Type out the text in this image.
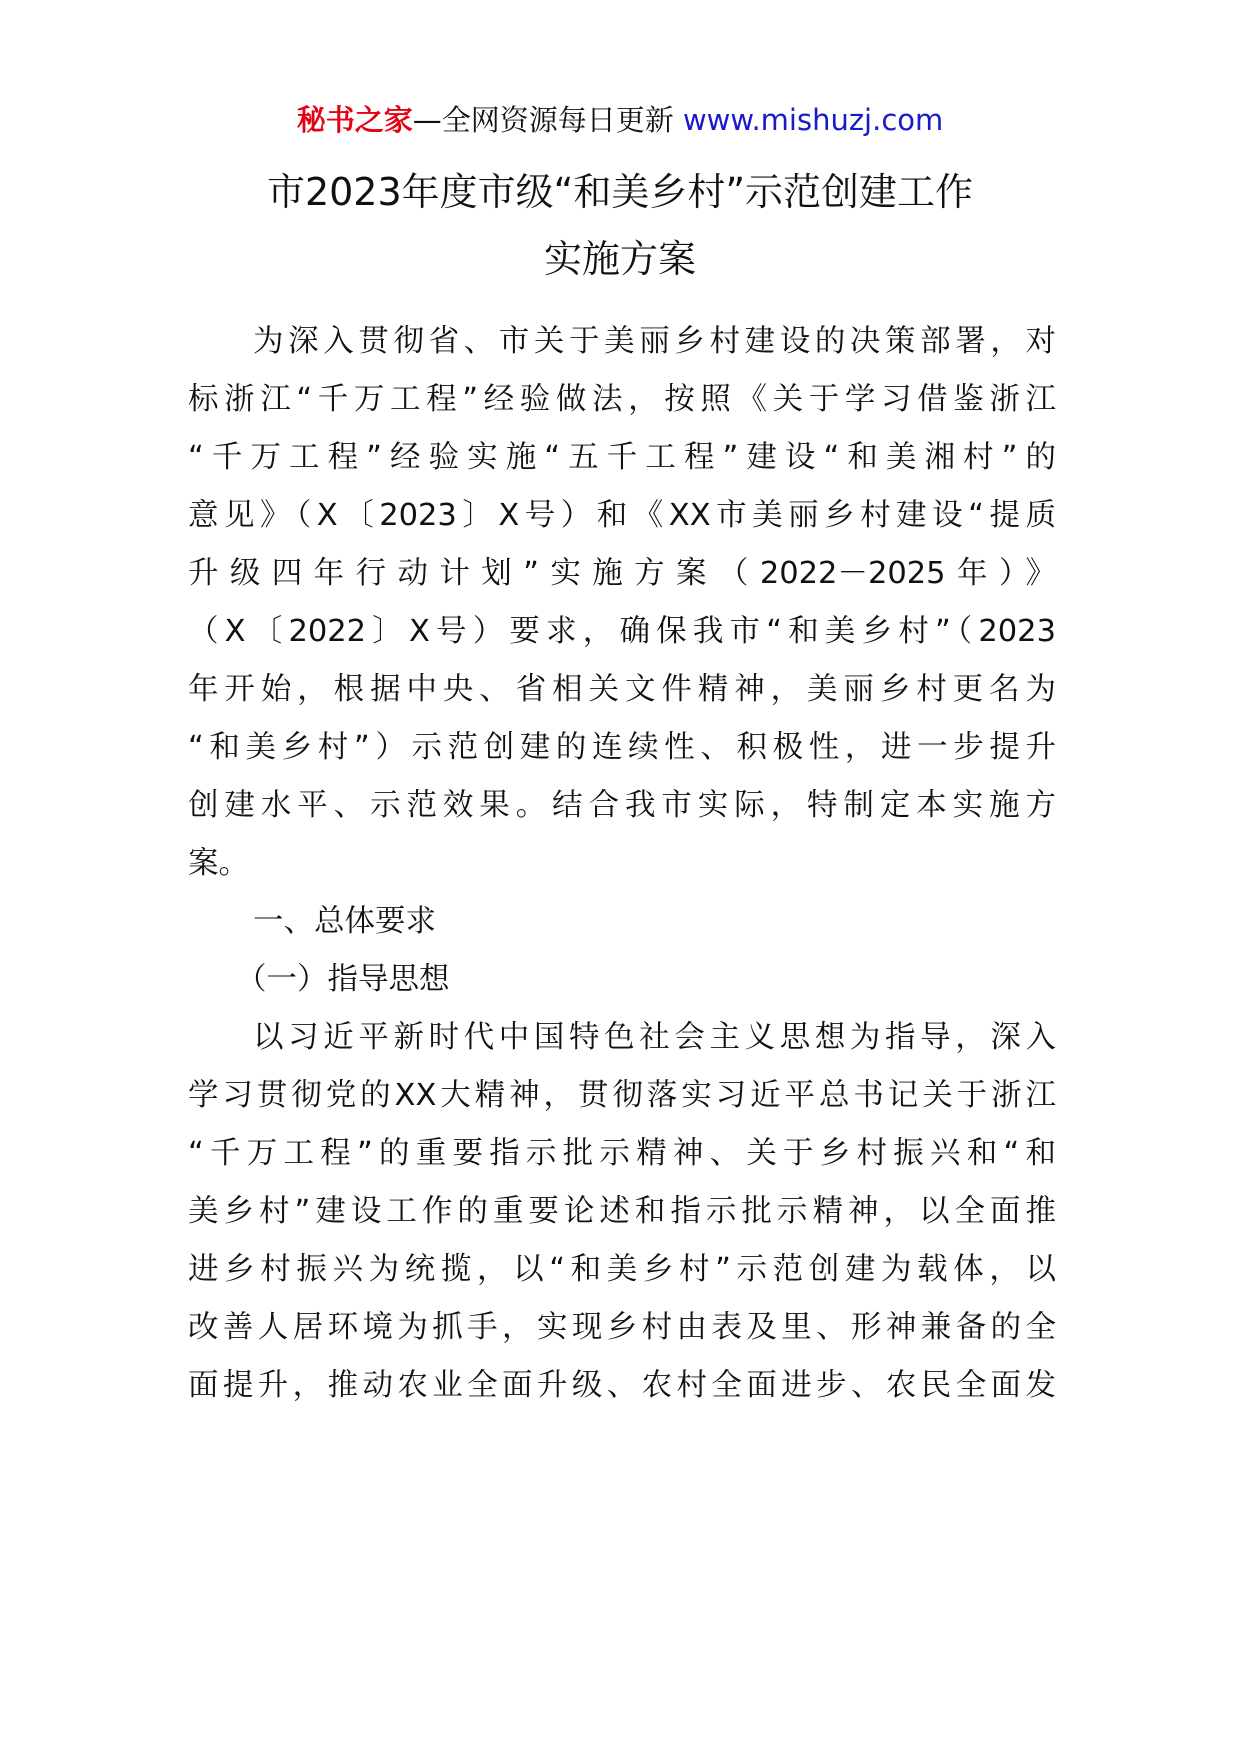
秘书之家—全网资源每日更新 www.mishuzj.com
市2023年度市级“和美乡村”示范创建工作
实施方案
为深入贯彻省、市关于美丽乡村建设的决策部署，对
标浙江“千万工程”经验做法，按照《关于学习借鉴浙江
“千万工程”经验实施“五千工程”建设“和美湘村”的
意见》（X〔2023〕X号）和《XX市美丽乡村建设“提质
升级四年行动计划”实施方案（2022－2025年）》
（X〔2022〕X号）要求，确保我市“和美乡村”（2023
年开始，根据中央、省相关文件精神，美丽乡村更名为
“和美乡村”）示范创建的连续性、积极性，进一步提升
创建水平、示范效果。结合我市实际，特制定本实施方
案。
一、总体要求
（一）指导思想
以习近平新时代中国特色社会主义思想为指导，深入
学习贯彻党的XX大精神，贯彻落实习近平总书记关于浙江
“千万工程”的重要指示批示精神、关于乡村振兴和“和
美乡村”建设工作的重要论述和指示批示精神，以全面推
进乡村振兴为统揽，以“和美乡村”示范创建为载体，以
改善人居环境为抓手，实现乡村由表及里、形神兼备的全
面提升，推动农业全面升级、农村全面进步、农民全面发
